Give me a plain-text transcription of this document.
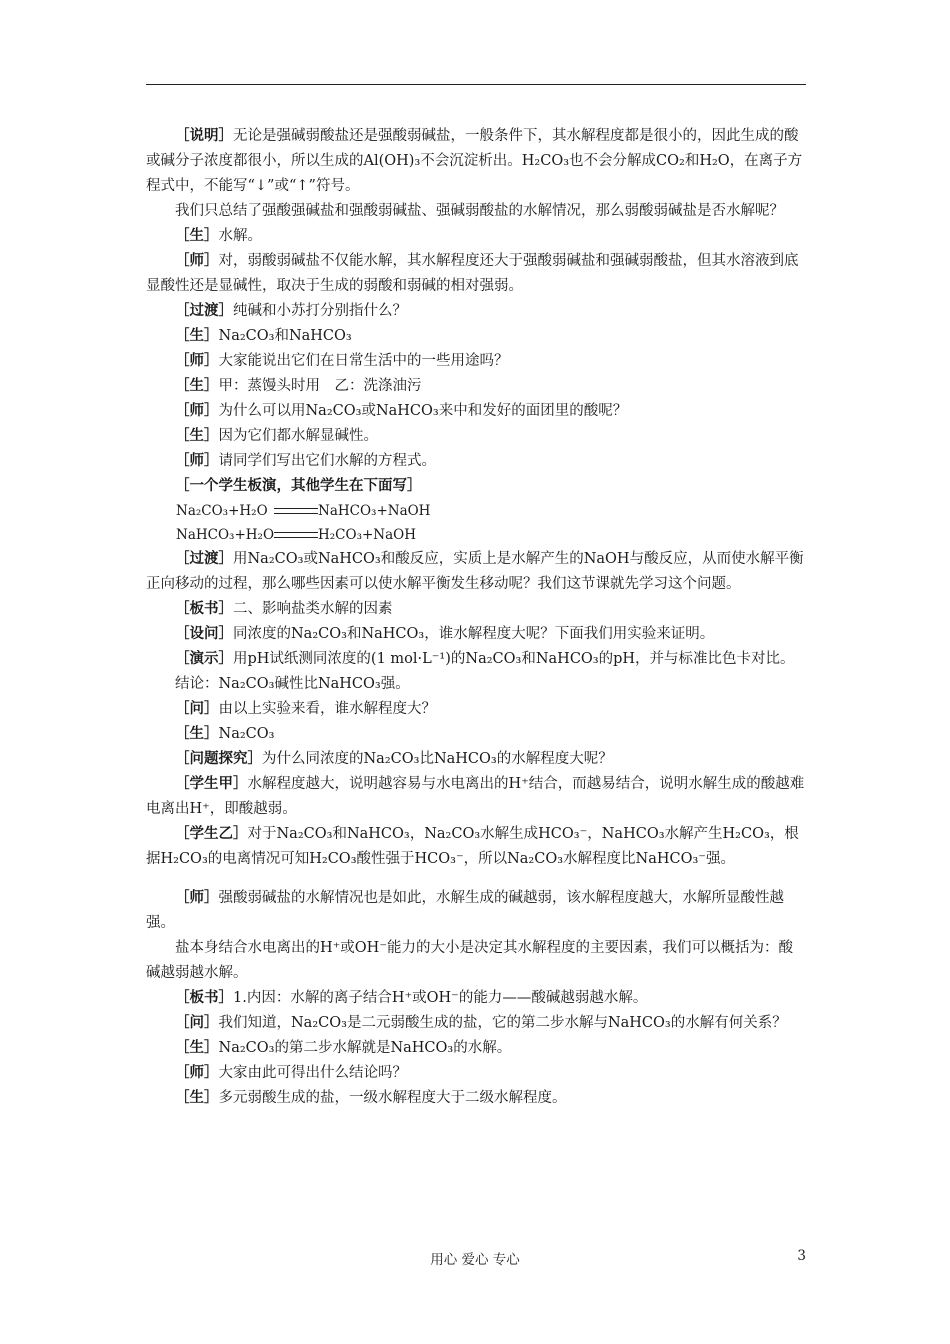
［说明］无论是强碱弱酸盐还是强酸弱碱盐，一般条件下，其水解程度都是很小的，因此生成的酸或碱分子浓度都很小，所以生成的Al(OH)₃不会沉淀析出。H₂CO₃也不会分解成CO₂和H₂O，在离子方程式中，不能写“↓”或“↑”符号。

我们只总结了强酸强碱盐和强酸弱碱盐、强碱弱酸盐的水解情况，那么弱酸弱碱盐是否水解呢？

［生］水解。

［师］对，弱酸弱碱盐不仅能水解，其水解程度还大于强酸弱碱盐和强碱弱酸盐，但其水溶液到底显酸性还是显碱性，取决于生成的弱酸和弱碱的相对强弱。

［过渡］纯碱和小苏打分别指什么？

［生］Na₂CO₃和NaHCO₃

［师］大家能说出它们在日常生活中的一些用途吗？

［生］甲：蒸馒头时用　乙：洗涤油污

［师］为什么可以用Na₂CO₃或NaHCO₃来中和发好的面团里的酸呢？

［生］因为它们都水解显碱性。

［师］请同学们写出它们水解的方程式。

［一个学生板演，其他学生在下面写］

Na₂CO₃+H₂O	NaHCO₃+NaOH
NaHCO₃+H₂O	H₂CO₃+NaOH

［过渡］用Na₂CO₃或NaHCO₃和酸反应，实质上是水解产生的NaOH与酸反应，从而使水解平衡正向移动的过程，那么哪些因素可以使水解平衡发生移动呢？我们这节课就先学习这个问题。

［板书］二、影响盐类水解的因素

［设问］同浓度的Na₂CO₃和NaHCO₃，谁水解程度大呢？下面我们用实验来证明。

［演示］用pH试纸测同浓度的(1 mol·L⁻¹)的Na₂CO₃和NaHCO₃的pH，并与标准比色卡对比。

结论：Na₂CO₃碱性比NaHCO₃强。

［问］由以上实验来看，谁水解程度大？

［生］Na₂CO₃

［问题探究］为什么同浓度的Na₂CO₃比NaHCO₃的水解程度大呢？

［学生甲］水解程度越大，说明越容易与水电离出的H⁺结合，而越易结合，说明水解生成的酸越难电离出H⁺，即酸越弱。

［学生乙］对于Na₂CO₃和NaHCO₃，Na₂CO₃水解生成HCO₃⁻，NaHCO₃水解产生H₂CO₃，根据H₂CO₃的电离情况可知H₂CO₃酸性强于HCO₃⁻，所以Na₂CO₃水解程度比NaHCO₃⁻强。

［师］强酸弱碱盐的水解情况也是如此，水解生成的碱越弱，该水解程度越大，水解所显酸性越强。

盐本身结合水电离出的H⁺或OH⁻能力的大小是决定其水解程度的主要因素，我们可以概括为：酸碱越弱越水解。

［板书］1.内因：水解的离子结合H⁺或OH⁻的能力——酸碱越弱越水解。

［问］我们知道，Na₂CO₃是二元弱酸生成的盐，它的第二步水解与NaHCO₃的水解有何关系？

［生］Na₂CO₃的第二步水解就是NaHCO₃的水解。

［师］大家由此可得出什么结论吗？

［生］多元弱酸生成的盐，一级水解程度大于二级水解程度。

用心 爱心 专心	3
